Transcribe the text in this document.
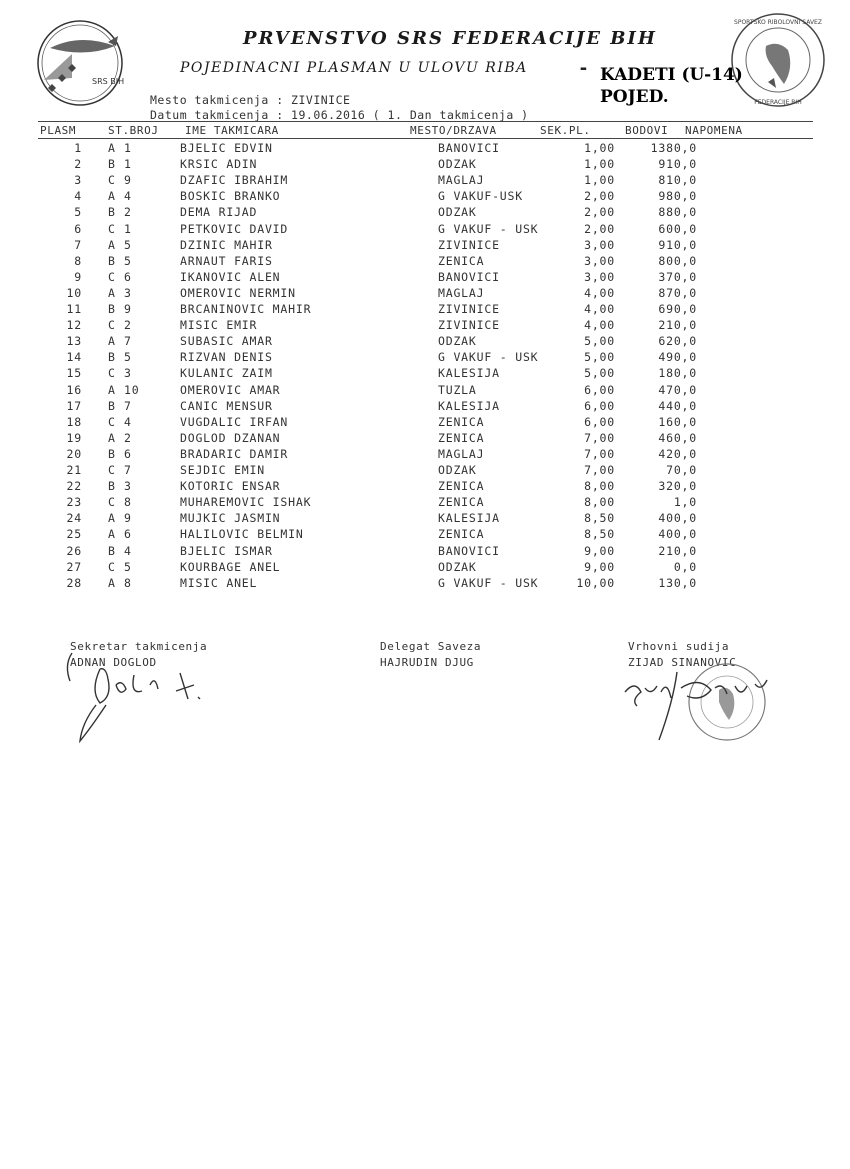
SRS BIH
SPORTSKO RIBOLOVNI SAVEZ
FEDERACIJE BIH
PRVENSTVO SRS FEDERACIJE BIH
POJEDINACNI PLASMAN U ULOVU RIBA	- KADETI (U-14)
POJED.
Mesto takmicenja : ZIVINICE
Datum takmicenja : 19.06.2016 ( 1. Dan takmicenja )
PLASM	ST.BROJ IME TAKMICARA	MESTO/DRZAVA	SEK.PL.	BODOVI NAPOMENA
1 A 1	BJELIC EDVIN	BANOVICI	1,00	1380,0
2 B 1	KRSIC ADIN	ODZAK	1,00	910,0
3 C 9	DZAFIC IBRAHIM	MAGLAJ	1,00	810,0
4 A 4	BOSKIC BRANKO	G VAKUF-USK	2,00	980,0
5 B 2	DEMA RIJAD	ODZAK	2,00	880,0
6 C 1	PETKOVIC DAVID	G VAKUF - USK	2,00	600,0
7 A 5	DZINIC MAHIR	ZIVINICE	3,00	910,0
8 B 5	ARNAUT FARIS	ZENICA	3,00	800,0
9 C 6	IKANOVIC ALEN	BANOVICI	3,00	370,0
10 A 3	OMEROVIC NERMIN	MAGLAJ	4,00	870,0
11 B 9	BRCANINOVIC MAHIR	ZIVINICE	4,00	690,0
12 C 2	MISIC EMIR	ZIVINICE	4,00	210,0
13 A 7	SUBASIC AMAR	ODZAK	5,00	620,0
14 B 5	RIZVAN DENIS	G VAKUF - USK	5,00	490,0
15 C 3	KULANIC ZAIM	KALESIJA	5,00	180,0
16 A 10	OMEROVIC AMAR	TUZLA	6,00	470,0
17 B 7	CANIC MENSUR	KALESIJA	6,00	440,0
18 C 4	VUGDALIC IRFAN	ZENICA	6,00	160,0
19 A 2	DOGLOD DZANAN	ZENICA	7,00	460,0
20 B 6	BRADARIC DAMIR	MAGLAJ	7,00	420,0
21 C 7	SEJDIC EMIN	ODZAK	7,00	70,0
22 B 3	KOTORIC ENSAR	ZENICA	8,00	320,0
23 C 8	MUHAREMOVIC ISHAK	ZENICA	8,00	1,0
24 A 9	MUJKIC JASMIN	KALESIJA	8,50	400,0
25 A 6	HALILOVIC BELMIN	ZENICA	8,50	400,0
26 B 4	BJELIC ISMAR	BANOVICI	9,00	210,0
27 C 5	KOURBAGE ANEL	ODZAK	9,00	0,0
28 A 8	MISIC ANEL	G VAKUF - USK	10,00	130,0
Sekretar takmicenja
ADNAN DOGLOD
Delegat Saveza
HAJRUDIN DJUG
Vrhovni sudija
ZIJAD SINANOVIC
